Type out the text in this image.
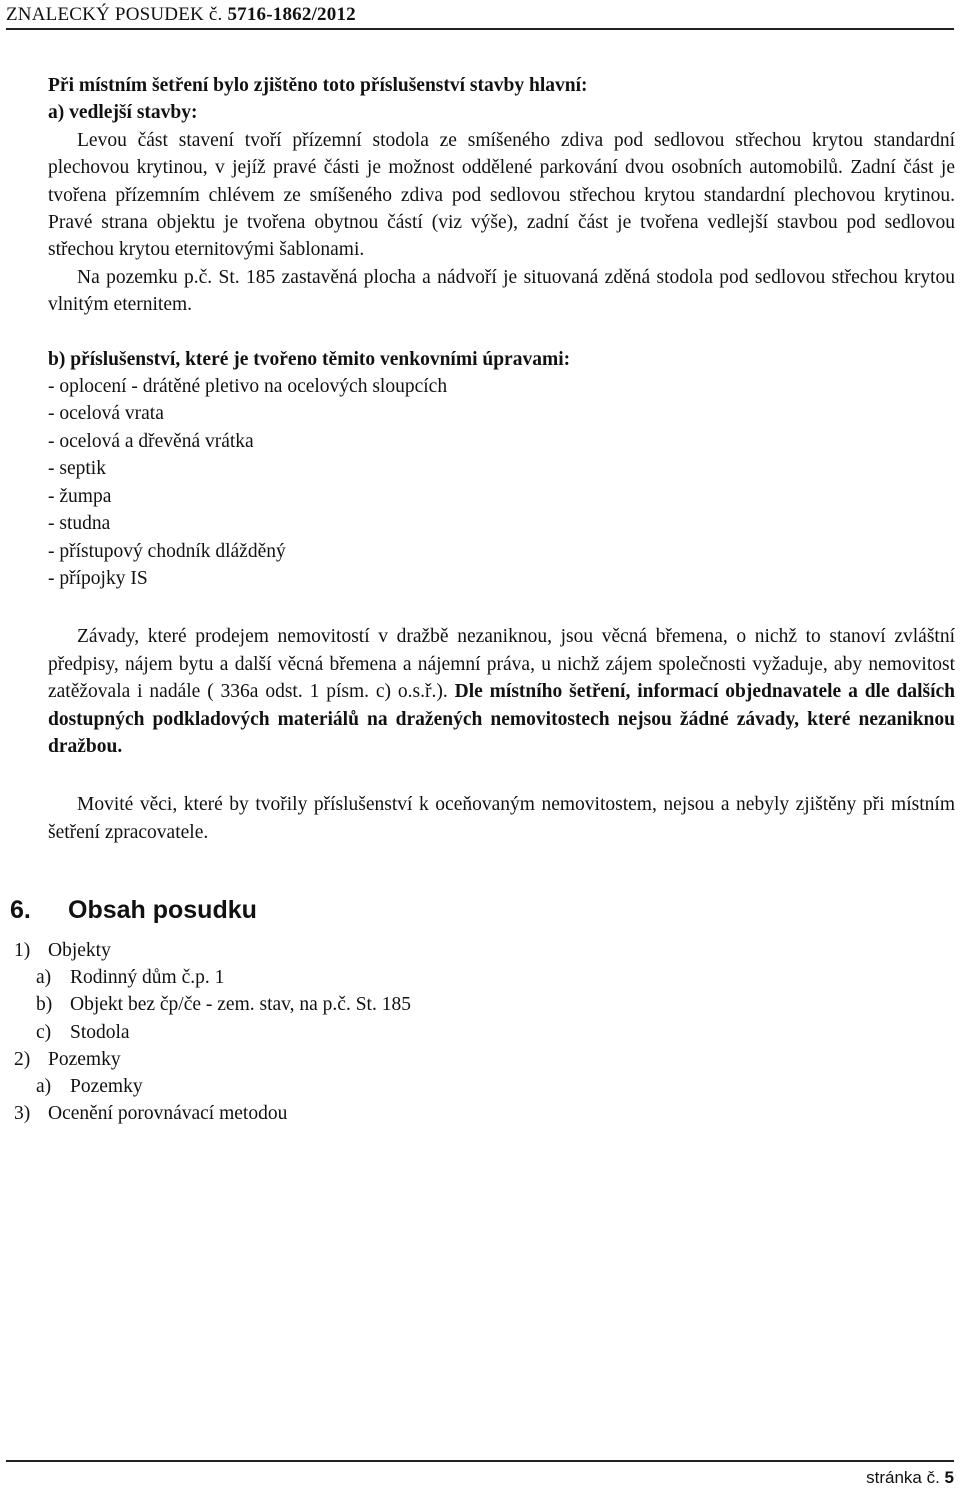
ZNALECKÝ POSUDEK č. 5716-1862/2012

Při místním šetření bylo zjištěno toto příslušenství stavby hlavní:

a) vedlejší stavby:

Levou část stavení tvoří přízemní stodola ze smíšeného zdiva pod sedlovou střechou krytou standardní plechovou krytinou, v jejíž pravé části je možnost oddělené parkování dvou osobních automobilů. Zadní část je tvořena přízemním chlévem ze smíšeného zdiva pod sedlovou střechou krytou standardní plechovou krytinou. Pravé strana objektu je tvořena obytnou částí (viz výše), zadní část je tvořena vedlejší stavbou pod sedlovou střechou krytou eternitovými šablonami.

Na pozemku p.č. St. 185 zastavěná plocha a nádvoří je situovaná zděná stodola pod sedlovou střechou krytou vlnitým eternitem.

b) příslušenství, které je tvořeno těmito venkovními úpravami:

- oplocení - drátěné pletivo na ocelových sloupcích
- ocelová vrata
- ocelová a dřevěná vrátka
- septik
- žumpa
- studna
- přístupový chodník dlážděný
- přípojky IS

Závady, které prodejem nemovitostí v dražbě nezaniknou, jsou věcná břemena, o nichž to stanoví zvláštní předpisy, nájem bytu a další věcná břemena a nájemní práva, u nichž zájem společnosti vyžaduje, aby nemovitost zatěžovala i nadále ( 336a odst. 1 písm. c) o.s.ř.). Dle místního šetření, informací objednavatele a dle dalších dostupných podkladových materiálů na dražených nemovitostech nejsou žádné závady, které nezaniknou dražbou.

Movité věci, které by tvořily příslušenství k oceňovaným nemovitostem, nejsou a nebyly zjištěny při místním šetření zpracovatele.

6. Obsah posudku
1) Objekty
a) Rodinný dům č.p. 1
b) Objekt bez čp/če - zem. stav, na p.č. St. 185
c) Stodola
2) Pozemky
a) Pozemky
3) Ocenění porovnávací metodou
stránka č. 5
